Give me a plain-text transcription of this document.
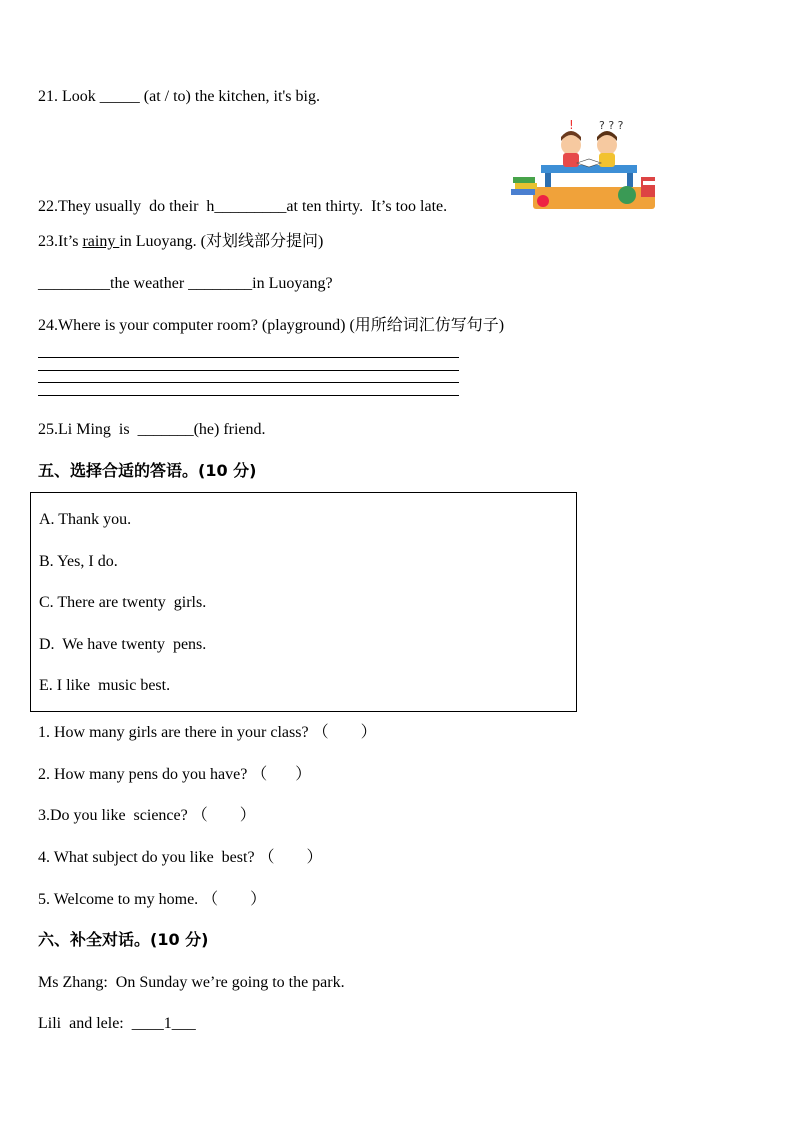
21. Look _____ (at / to) the kitchen, it's big.
! ? ? ?
22.They usually  do their  h_________at ten thirty.  It’s too late.
23.It’s rainy in Luoyang. (对划线部分提问)
_________the weather ________in Luoyang?
24.Where is your computer room? (playground) (用所给词汇仿写句子)
25.Li Ming  is  _______(he) friend.
五、选择合适的答语。(10 分)
A. Thank you.
B. Yes, I do.
C. There are twenty  girls.
D.  We have twenty  pens.
E. I like  music best.
1. How many girls are there in your class? （        ）
2. How many pens do you have? （       ）
3.Do you like  science? （        ）
4. What subject do you like  best? （        ）
5. Welcome to my home. （        ）
六、补全对话。(10 分)
Ms Zhang:  On Sunday we’re going to the park.
Lili  and lele:  ____1___
